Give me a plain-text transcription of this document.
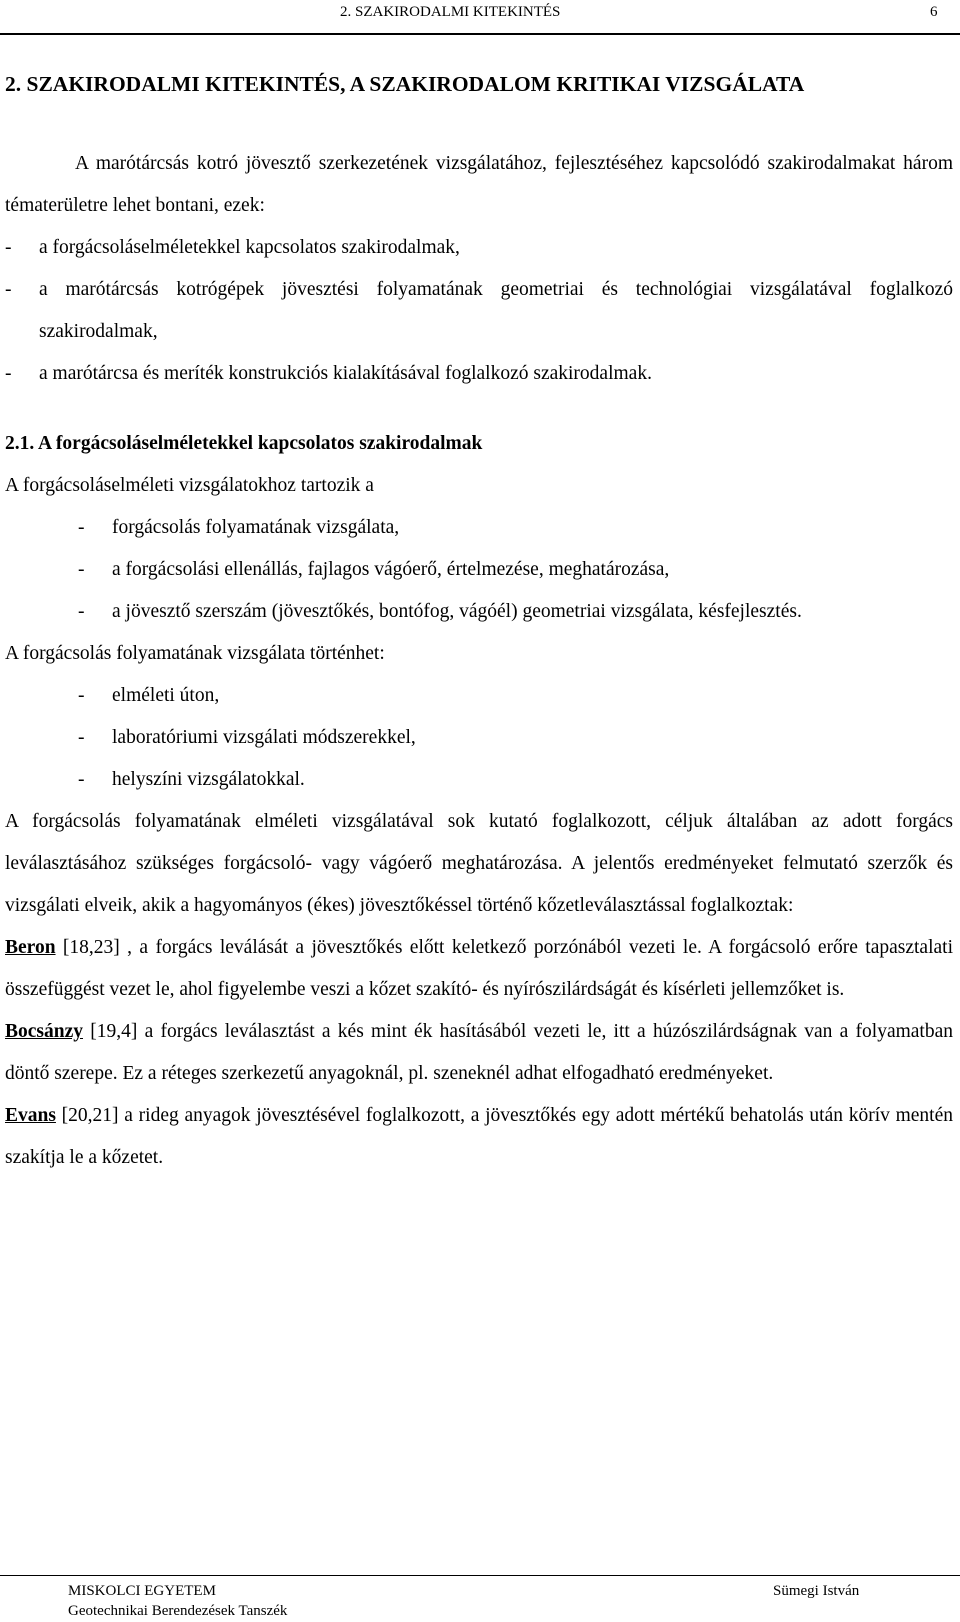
2. SZAKIRODALMI KITEKINTÉS	6
2. SZAKIRODALMI KITEKINTÉS, A SZAKIRODALOM KRITIKAI VIZSGÁLATA

A marótárcsás kotró jövesztő szerkezetének vizsgálatához, fejlesztéséhez kapcsolódó szakirodalmakat három tématerületre lehet bontani, ezek:

- a forgácsoláselméletekkel kapcsolatos szakirodalmak,

- a marótárcsás kotrógépek jövesztési folyamatának geometriai és technológiai vizsgálatával foglalkozó szakirodalmak,

- a marótárcsa és meríték konstrukciós kialakításával foglalkozó szakirodalmak.

2.1. A forgácsoláselméletekkel kapcsolatos szakirodalmak

A forgácsoláselméleti vizsgálatokhoz tartozik a

- forgácsolás folyamatának vizsgálata,

- a forgácsolási ellenállás, fajlagos vágóerő, értelmezése, meghatározása,

- a jövesztő szerszám (jövesztőkés, bontófog, vágóél) geometriai vizsgálata, késfejlesztés.

A forgácsolás folyamatának vizsgálata történhet:

- elméleti úton,

- laboratóriumi vizsgálati módszerekkel,

- helyszíni vizsgálatokkal.

A forgácsolás folyamatának elméleti vizsgálatával sok kutató foglalkozott, céljuk általában az adott forgács leválasztásához szükséges forgácsoló- vagy vágóerő meghatározása. A jelentős eredményeket felmutató szerzők és vizsgálati elveik, akik a hagyományos (ékes) jövesztőkéssel történő kőzetleválasztással foglalkoztak:

Beron [18,23] , a forgács leválását a jövesztőkés előtt keletkező porzónából vezeti le. A forgácsoló erőre tapasztalati összefüggést vezet le, ahol figyelembe veszi a kőzet szakító- és nyírószilárdságát és kísérleti jellemzőket is.

Bocsánzy [19,4] a forgács leválasztást a kés mint ék hasításából vezeti le, itt a húzószilárdságnak van a folyamatban döntő szerepe. Ez a réteges szerkezetű anyagoknál, pl. szeneknél adhat elfogadható eredményeket.

Evans [20,21] a rideg anyagok jövesztésével foglalkozott, a jövesztőkés egy adott mértékű behatolás után körív mentén szakítja le a kőzetet.

MISKOLCI EGYETEM
Geotechnikai Berendezések Tanszék
Sümegi István
